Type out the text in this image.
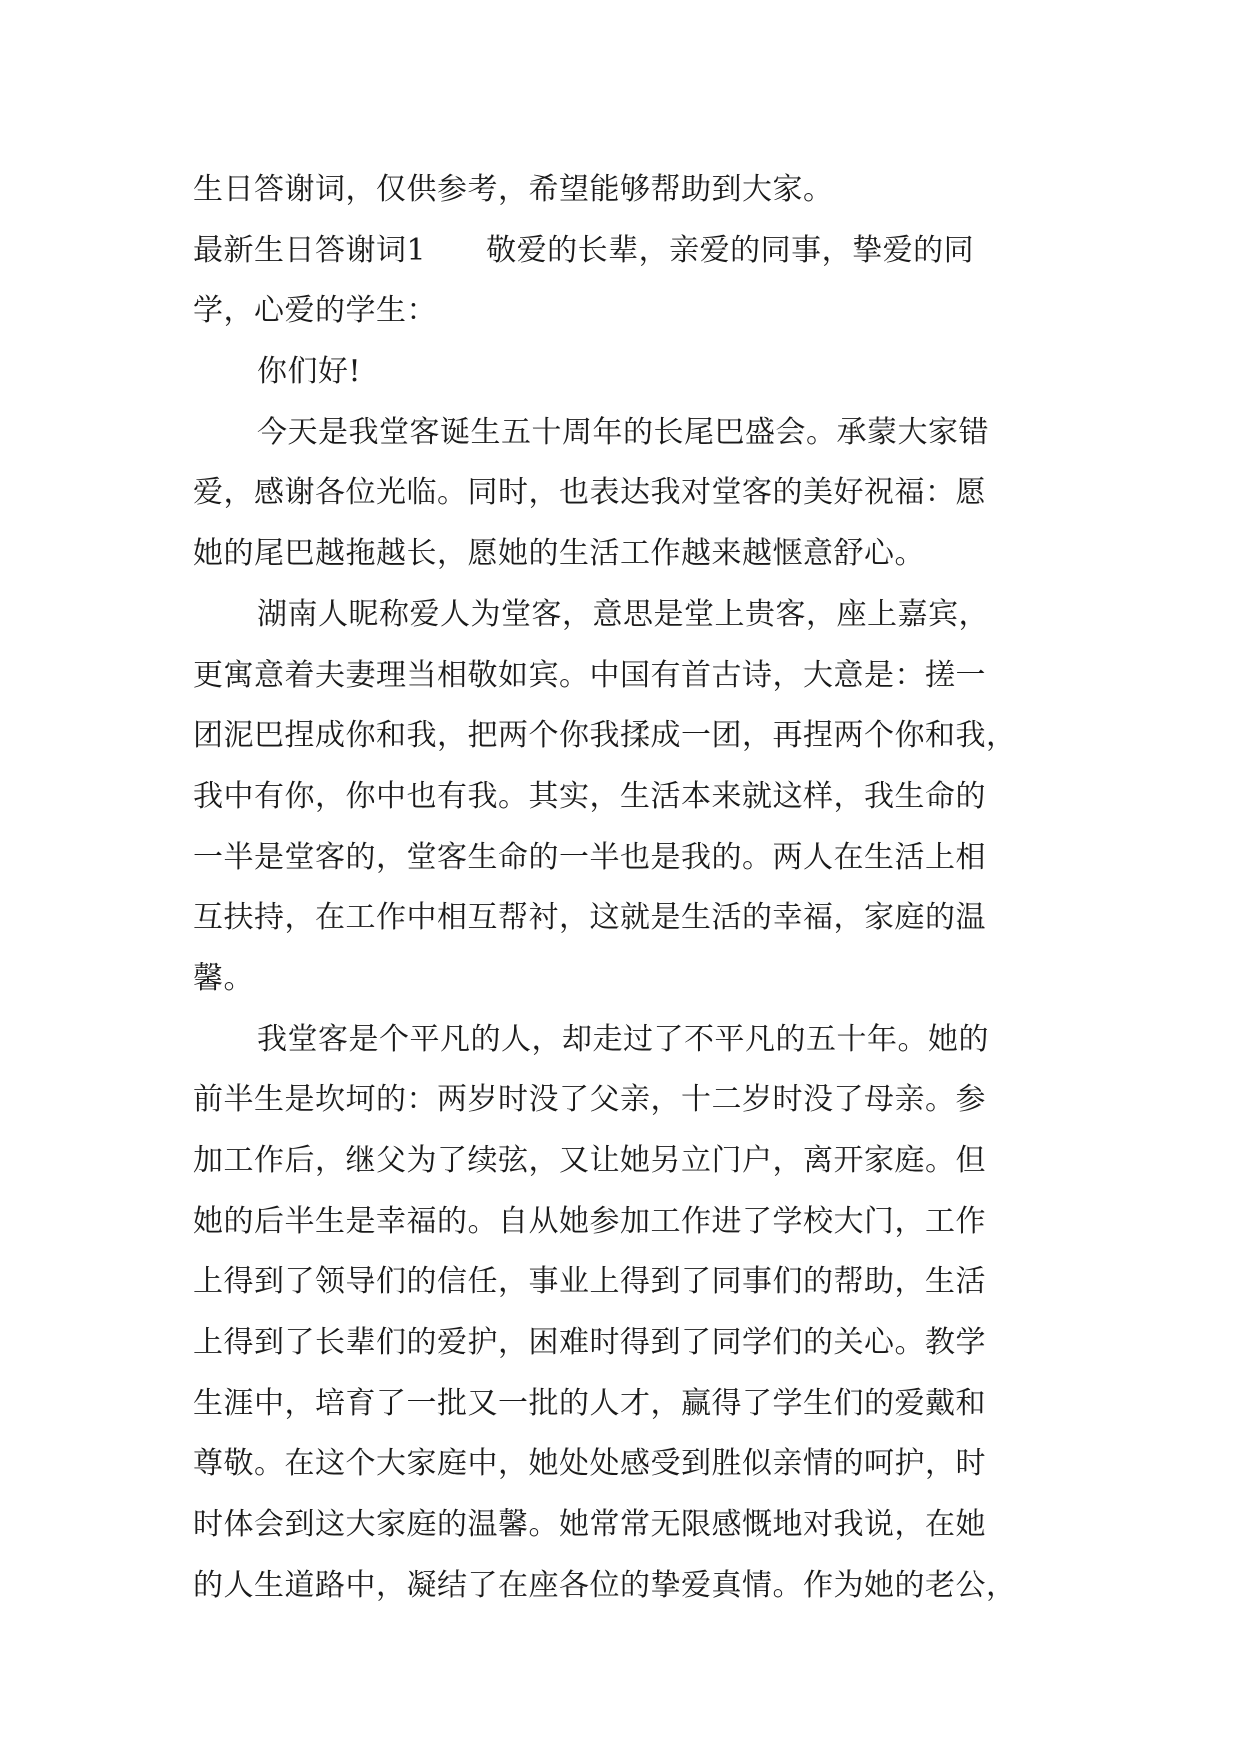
生日答谢词，仅供参考，希望能够帮助到大家。
最新生日答谢词1 敬爱的长辈，亲爱的同事，挚爱的同
学，心爱的学生：
你们好!
今天是我堂客诞生五十周年的长尾巴盛会。承蒙大家错
爱，感谢各位光临。同时，也表达我对堂客的美好祝福：愿
她的尾巴越拖越长，愿她的生活工作越来越惬意舒心。
湖南人昵称爱人为堂客，意思是堂上贵客，座上嘉宾，
更寓意着夫妻理当相敬如宾。中国有首古诗，大意是：搓一
团泥巴捏成你和我，把两个你我揉成一团，再捏两个你和我，
我中有你，你中也有我。其实，生活本来就这样，我生命的
一半是堂客的，堂客生命的一半也是我的。两人在生活上相
互扶持，在工作中相互帮衬，这就是生活的幸福，家庭的温
馨。
我堂客是个平凡的人，却走过了不平凡的五十年。她的
前半生是坎坷的：两岁时没了父亲，十二岁时没了母亲。参
加工作后，继父为了续弦，又让她另立门户，离开家庭。但
她的后半生是幸福的。自从她参加工作进了学校大门，工作
上得到了领导们的信任，事业上得到了同事们的帮助，生活
上得到了长辈们的爱护，困难时得到了同学们的关心。教学
生涯中，培育了一批又一批的人才，赢得了学生们的爱戴和
尊敬。在这个大家庭中，她处处感受到胜似亲情的呵护，时
时体会到这大家庭的温馨。她常常无限感慨地对我说，在她
的人生道路中，凝结了在座各位的挚爱真情。作为她的老公，
